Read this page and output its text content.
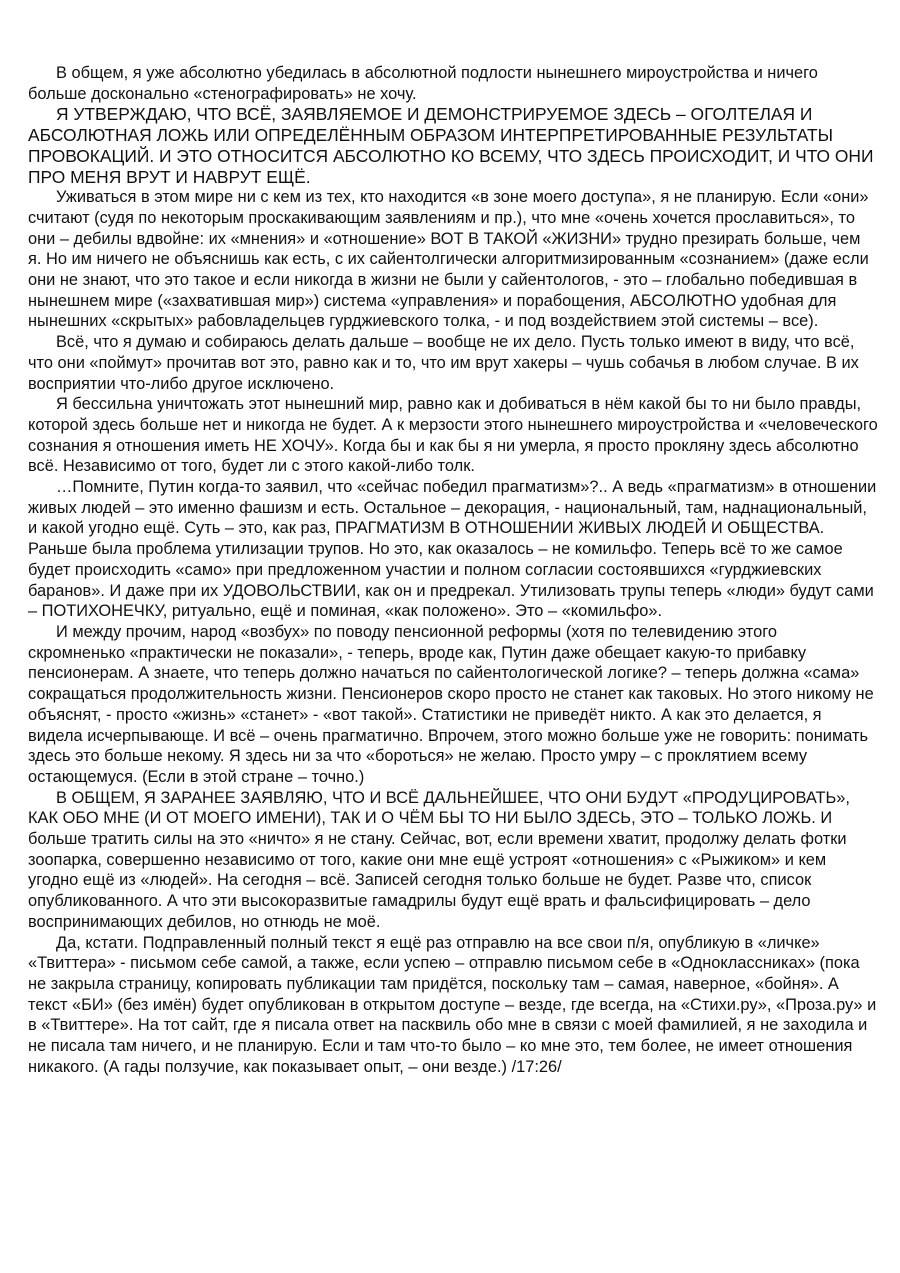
В общем, я уже абсолютно убедилась в абсолютной подлости нынешнего мироустройства и ничего больше досконально «стенографировать» не хочу.

Я УТВЕРЖДАЮ, ЧТО ВСЁ, ЗАЯВЛЯЕМОЕ И ДЕМОНСТРИРУЕМОЕ ЗДЕСЬ – ОГОЛТЕЛАЯ И АБСОЛЮТНАЯ ЛОЖЬ ИЛИ ОПРЕДЕЛЁННЫМ ОБРАЗОМ ИНТЕРПРЕТИРОВАННЫЕ РЕЗУЛЬТАТЫ ПРОВОКАЦИЙ. И ЭТО ОТНОСИТСЯ АБСОЛЮТНО КО ВСЕМУ, ЧТО ЗДЕСЬ ПРОИСХОДИТ, И ЧТО ОНИ ПРО МЕНЯ ВРУТ И НАВРУТ ЕЩЁ.

Уживаться в этом мире ни с кем из тех, кто находится «в зоне моего доступа», я не планирую. Если «они» считают (судя по некоторым проскакивающим заявлениям и пр.), что мне «очень хочется прославиться», то они – дебилы вдвойне: их «мнения» и «отношение» ВОТ В ТАКОЙ «ЖИЗНИ» трудно презирать больше, чем я. Но им ничего не объяснишь как есть, с их сайентолгически алгоритмизированным «сознанием» (даже если они не знают, что это такое и если никогда в жизни не были у сайентологов, - это – глобально победившая в нынешнем мире («захватившая мир») система «управления» и порабощения, АБСОЛЮТНО удобная для нынешних «скрытых» рабовладельцев гурджиевского толка, - и под воздействием этой системы – все).

Всё, что я думаю и собираюсь делать дальше – вообще не их дело. Пусть только имеют в виду, что всё, что они «поймут» прочитав вот это, равно как и то, что им врут хакеры – чушь собачья в любом случае. В их восприятии что-либо другое исключено.

Я бессильна уничтожать этот нынешний мир, равно как и добиваться в нём какой бы то ни было правды, которой здесь больше нет и никогда не будет. А к мерзости этого нынешнего мироустройства и «человеческого сознания я отношения иметь НЕ ХОЧУ». Когда бы и как бы я ни умерла, я просто прокляну здесь абсолютно всё. Независимо от того, будет ли с этого какой-либо толк.

…Помните, Путин когда-то заявил, что «сейчас победил прагматизм»?.. А ведь «прагматизм» в отношении живых людей – это именно фашизм и есть. Остальное – декорация, - национальный, там, наднациональный, и какой угодно ещё. Суть – это, как раз, ПРАГМАТИЗМ В ОТНОШЕНИИ ЖИВЫХ ЛЮДЕЙ И ОБЩЕСТВА. Раньше была проблема утилизации трупов. Но это, как оказалось – не комильфо. Теперь всё то же самое будет происходить «само» при предложенном участии и полном согласии состоявшихся «гурджиевских баранов». И даже при их УДОВОЛЬСТВИИ, как он и предрекал. Утилизовать трупы теперь «люди» будут сами – ПОТИХОНЕЧКУ, ритуально, ещё и поминая, «как положено». Это – «комильфо».

И между прочим, народ «возбух» по поводу пенсионной реформы (хотя по телевидению этого скромненько «практически не показали», - теперь, вроде как, Путин даже обещает какую-то прибавку пенсионерам. А знаете, что теперь должно начаться по сайентологической логике? – теперь должна «сама» сокращаться продолжительность жизни. Пенсионеров скоро просто не станет как таковых. Но этого никому не объяснят, - просто «жизнь» «станет» - «вот такой». Статистики не приведёт никто. А как это делается, я видела исчерпывающе. И всё – очень прагматично. Впрочем, этого можно больше уже не говорить: понимать здесь это больше некому. Я здесь ни за что «бороться» не желаю. Просто умру – с проклятием всему остающемуся. (Если в этой стране – точно.)

В ОБЩЕМ, Я ЗАРАНЕЕ ЗАЯВЛЯЮ, ЧТО И ВСЁ ДАЛЬНЕЙШЕЕ, ЧТО ОНИ БУДУТ «ПРОДУЦИРОВАТЬ», КАК ОБО МНЕ (И ОТ МОЕГО ИМЕНИ), ТАК И О ЧЁМ БЫ ТО НИ БЫЛО ЗДЕСЬ, ЭТО – ТОЛЬКО ЛОЖЬ. И больше тратить силы на это «ничто» я не стану. Сейчас, вот, если времени хватит, продолжу делать фотки зоопарка, совершенно независимо от того, какие они мне ещё устроят «отношения» с «Рыжиком» и кем угодно ещё из «людей». На сегодня – всё. Записей сегодня только больше не будет. Разве что, список опубликованного. А что эти высокоразвитые гамадрилы будут ещё врать и фальсифицировать – дело воспринимающих дебилов, но отнюдь не моё.

Да, кстати. Подправленный полный текст я ещё раз отправлю на все свои п/я, опубликую в «личке» «Твиттера» - письмом себе самой, а также, если успею – отправлю письмом себе в «Одноклассниках» (пока не закрыла страницу, копировать публикации там придётся, поскольку там – самая, наверное, «бойня». А текст «БИ» (без имён) будет опубликован в открытом доступе – везде, где всегда, на «Стихи.ру», «Проза.ру» и в «Твиттере». На тот сайт, где я писала ответ на пасквиль обо мне в связи с моей фамилией, я не заходила и не писала там ничего, и не планирую. Если и там что-то было – ко мне это, тем более, не имеет отношения никакого. (А гады ползучие, как показывает опыт, – они везде.) /17:26/
